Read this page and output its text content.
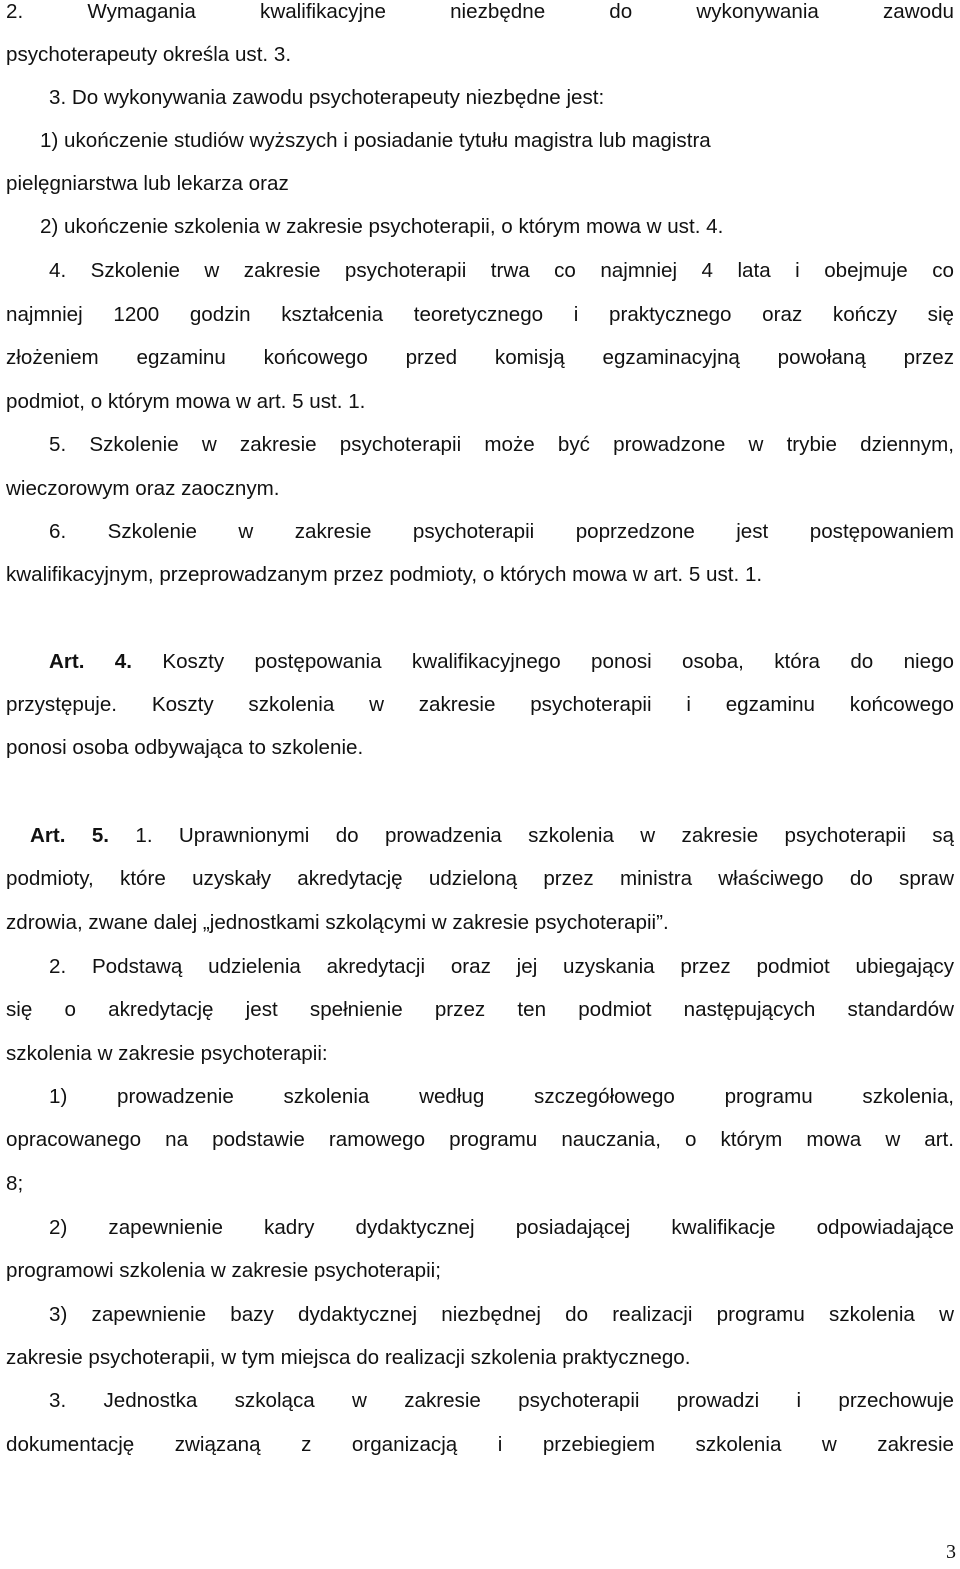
2. Wymagania kwalifikacyjne niezbędne do wykonywania zawodu
psychoterapeuty określa ust. 3.
3. Do wykonywania zawodu psychoterapeuty niezbędne jest:
1) ukończenie studiów wyższych i posiadanie tytułu magistra lub magistra
pielęgniarstwa lub lekarza oraz
2) ukończenie szkolenia w zakresie psychoterapii, o którym mowa w ust. 4.
4. Szkolenie w zakresie psychoterapii trwa co najmniej 4 lata i obejmuje co
najmniej 1200 godzin kształcenia teoretycznego i praktycznego oraz kończy się
złożeniem egzaminu końcowego przed komisją egzaminacyjną powołaną przez
podmiot, o którym mowa w art. 5 ust. 1.
5. Szkolenie w zakresie psychoterapii może być prowadzone w trybie dziennym,
wieczorowym oraz zaocznym.
6. Szkolenie w zakresie psychoterapii poprzedzone jest postępowaniem
kwalifikacyjnym, przeprowadzanym przez podmioty, o których mowa w art. 5 ust. 1.
Art. 4. Koszty postępowania kwalifikacyjnego ponosi osoba, która do niego
przystępuje. Koszty szkolenia w zakresie psychoterapii i egzaminu końcowego
ponosi osoba odbywająca to szkolenie.
Art. 5. 1. Uprawnionymi do prowadzenia szkolenia w zakresie psychoterapii są
podmioty, które uzyskały akredytację udzieloną przez ministra właściwego do spraw
zdrowia, zwane dalej „jednostkami szkolącymi w zakresie psychoterapii”.
2. Podstawą udzielenia akredytacji oraz jej uzyskania przez podmiot ubiegający
się o akredytację jest spełnienie przez ten podmiot następujących standardów
szkolenia w zakresie psychoterapii:
1) prowadzenie szkolenia według szczegółowego programu szkolenia,
opracowanego na podstawie ramowego programu nauczania, o którym mowa w art.
8;
2) zapewnienie kadry dydaktycznej posiadającej kwalifikacje odpowiadające
programowi szkolenia w zakresie psychoterapii;
3) zapewnienie bazy dydaktycznej niezbędnej do realizacji programu szkolenia w
zakresie psychoterapii, w tym miejsca do realizacji szkolenia praktycznego.
3. Jednostka szkoląca w zakresie psychoterapii prowadzi i przechowuje
dokumentację związaną z organizacją i przebiegiem szkolenia w zakresie
3
